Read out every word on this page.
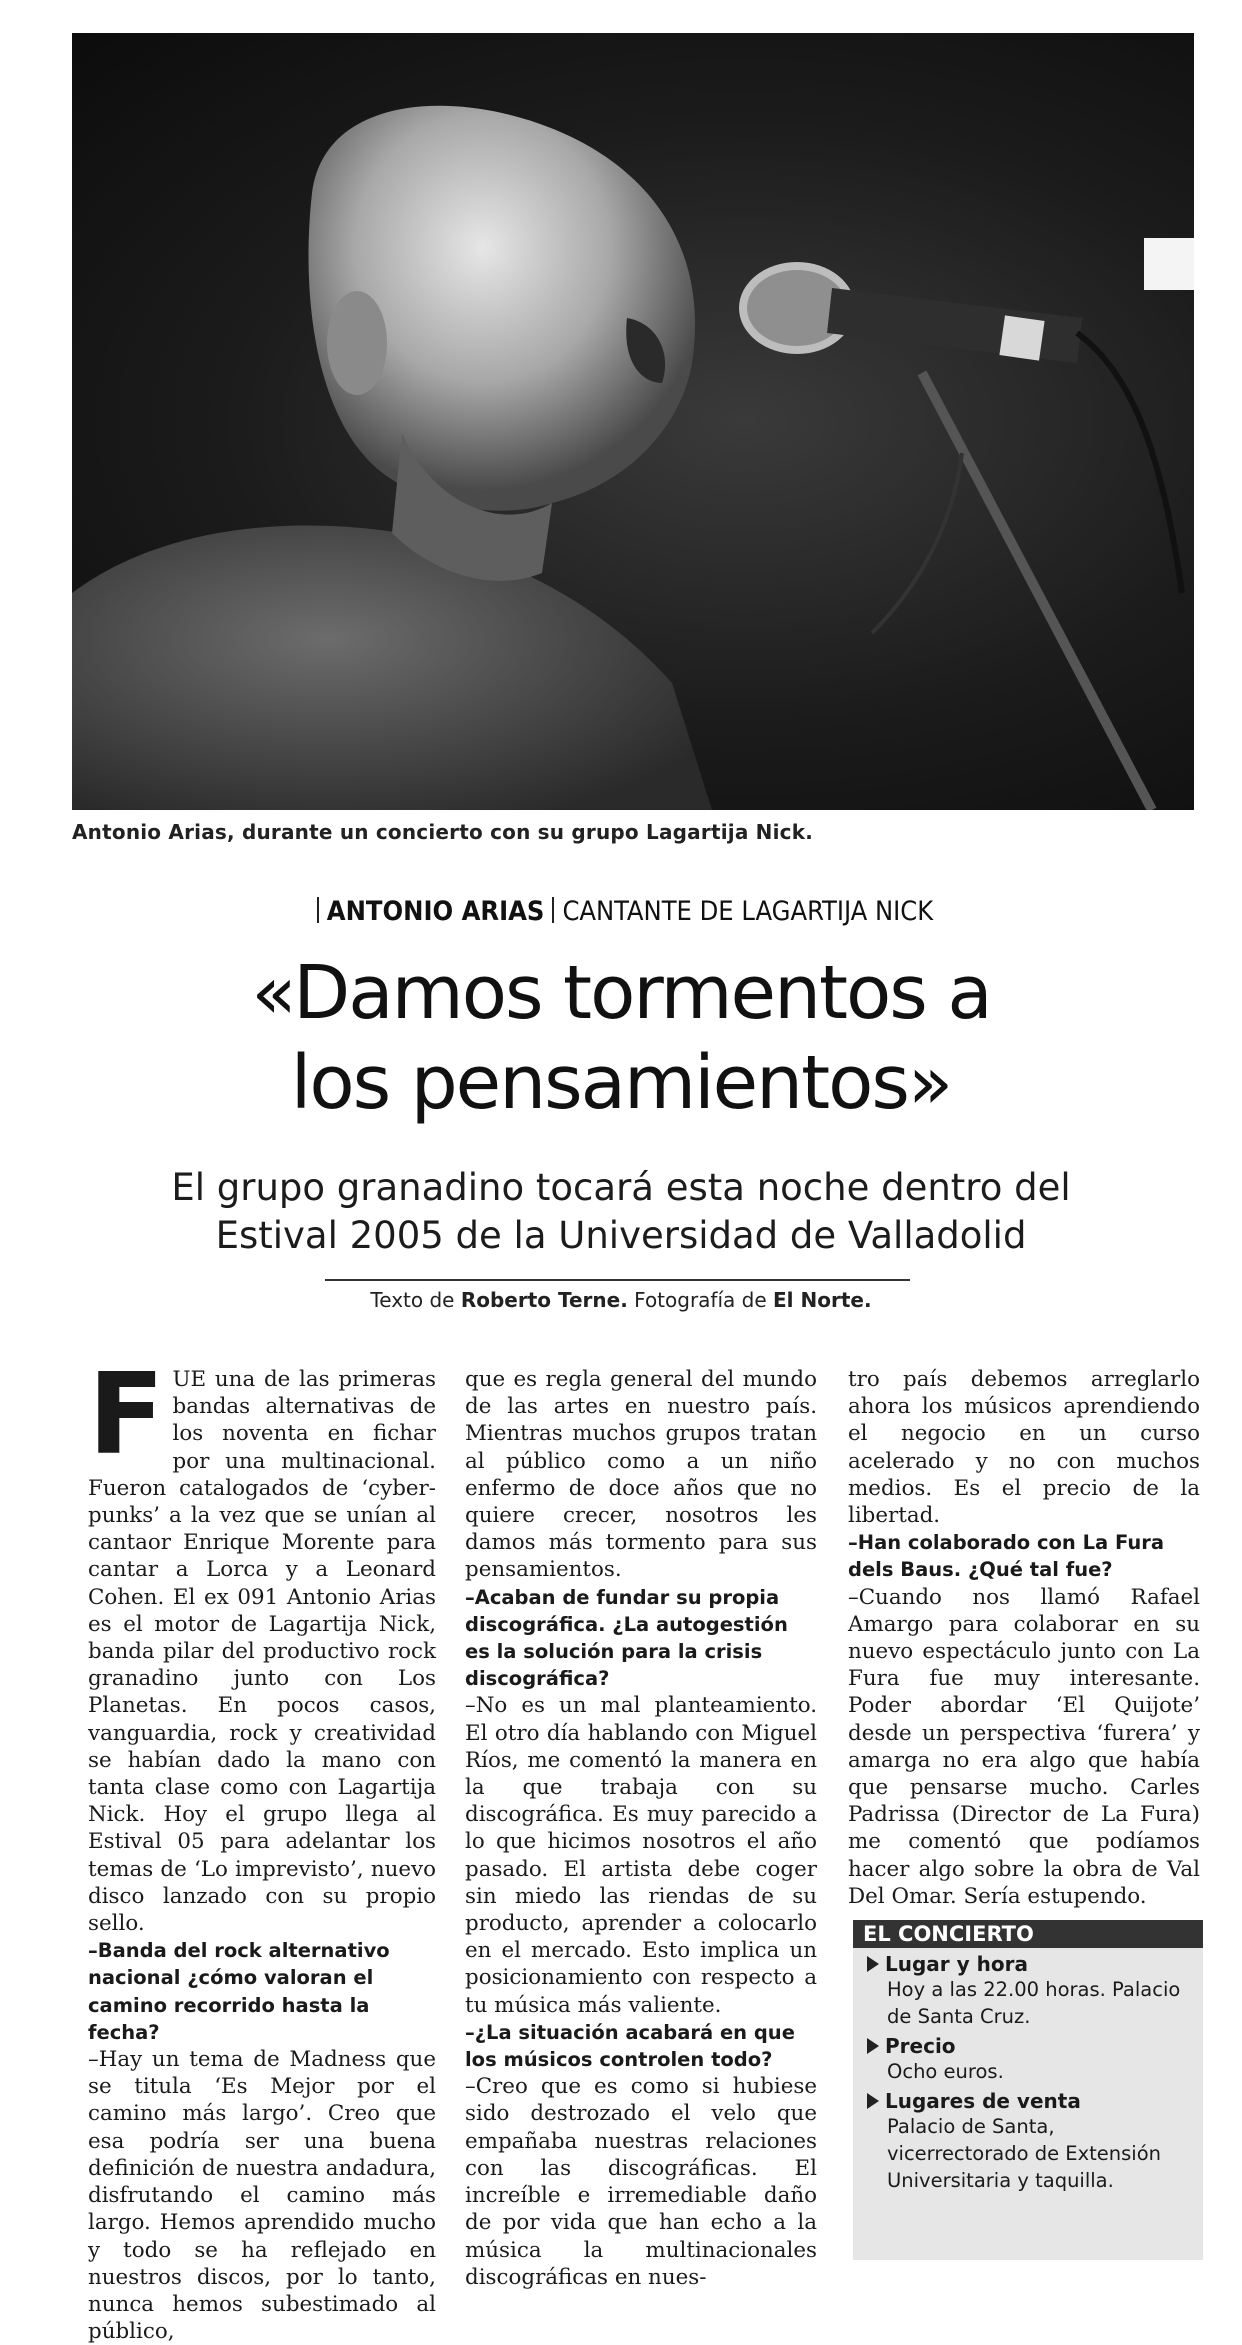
Antonio Arias, durante un concierto con su grupo Lagartija Nick.
ANTONIO ARIAS CANTANTE DE LAGARTIJA NICK
«Damos tormentos a
los pensamientos»
El grupo granadino tocará esta noche dentro del
Estival 2005 de la Universidad de Valladolid
Texto de Roberto Terne. Fotografía de El Norte.

FUE una de las primeras bandas alternativas de los noventa en fichar por una multinacional. Fueron catalogados de ‘cyber-punks’ a la vez que se unían al cantaor Enrique Morente para cantar a Lorca y a Leonard Cohen. El ex 091 Antonio Arias es el motor de Lagartija Nick, banda pilar del productivo rock granadino junto con Los Planetas. En pocos casos, vanguardia, rock y creatividad se habían dado la mano con tanta clase como con Lagartija Nick. Hoy el grupo llega al Estival 05 para adelantar los temas de ‘Lo imprevisto’, nuevo disco lanzado con su propio sello.

–Banda del rock alternativo nacional ¿cómo valoran el camino recorrido hasta la fecha?

–Hay un tema de Madness que se titula ‘Es Mejor por el camino más largo’. Creo que esa podría ser una buena definición de nuestra andadura, disfrutando el camino más largo. Hemos aprendido mucho y todo se ha reflejado en nuestros discos, por lo tanto, nunca hemos subestimado al público,

que es regla general del mundo de las artes en nuestro país. Mientras muchos grupos tratan al público como a un niño enfermo de doce años que no quiere crecer, nosotros les damos más tormento para sus pensamientos.

–Acaban de fundar su propia discográfica. ¿La autogestión es la solución para la crisis discográfica?

–No es un mal planteamiento. El otro día hablando con Miguel Ríos, me comentó la manera en la que trabaja con su discográfica. Es muy parecido a lo que hicimos nosotros el año pasado. El artista debe coger sin miedo las riendas de su producto, aprender a colocarlo en el mercado. Esto implica un posicionamiento con respecto a tu música más valiente.

–¿La situación acabará en que los músicos controlen todo?

–Creo que es como si hubiese sido destrozado el velo que empañaba nuestras relaciones con las discográficas. El increíble e irremediable daño de por vida que han echo a la música la multinacionales discográficas en nues-

tro país debemos arreglarlo ahora los músicos aprendiendo el negocio en un curso acelerado y no con muchos medios. Es el precio de la libertad.

–Han colaborado con La Fura dels Baus. ¿Qué tal fue?

–Cuando nos llamó Rafael Amargo para colaborar en su nuevo espectáculo junto con La Fura fue muy interesante. Poder abordar ‘El Quijote’ desde un perspectiva ‘furera’ y amarga no era algo que había que pensarse mucho. Carles Padrissa (Director de La Fura) me comentó que podíamos hacer algo sobre la obra de Val Del Omar. Sería estupendo.

EL CONCIERTO
Lugar y hora
Hoy a las 22.00 horas. Palacio de Santa Cruz.
Precio
Ocho euros.
Lugares de venta
Palacio de Santa, vicerrectorado de Extensión Universitaria y taquilla.
